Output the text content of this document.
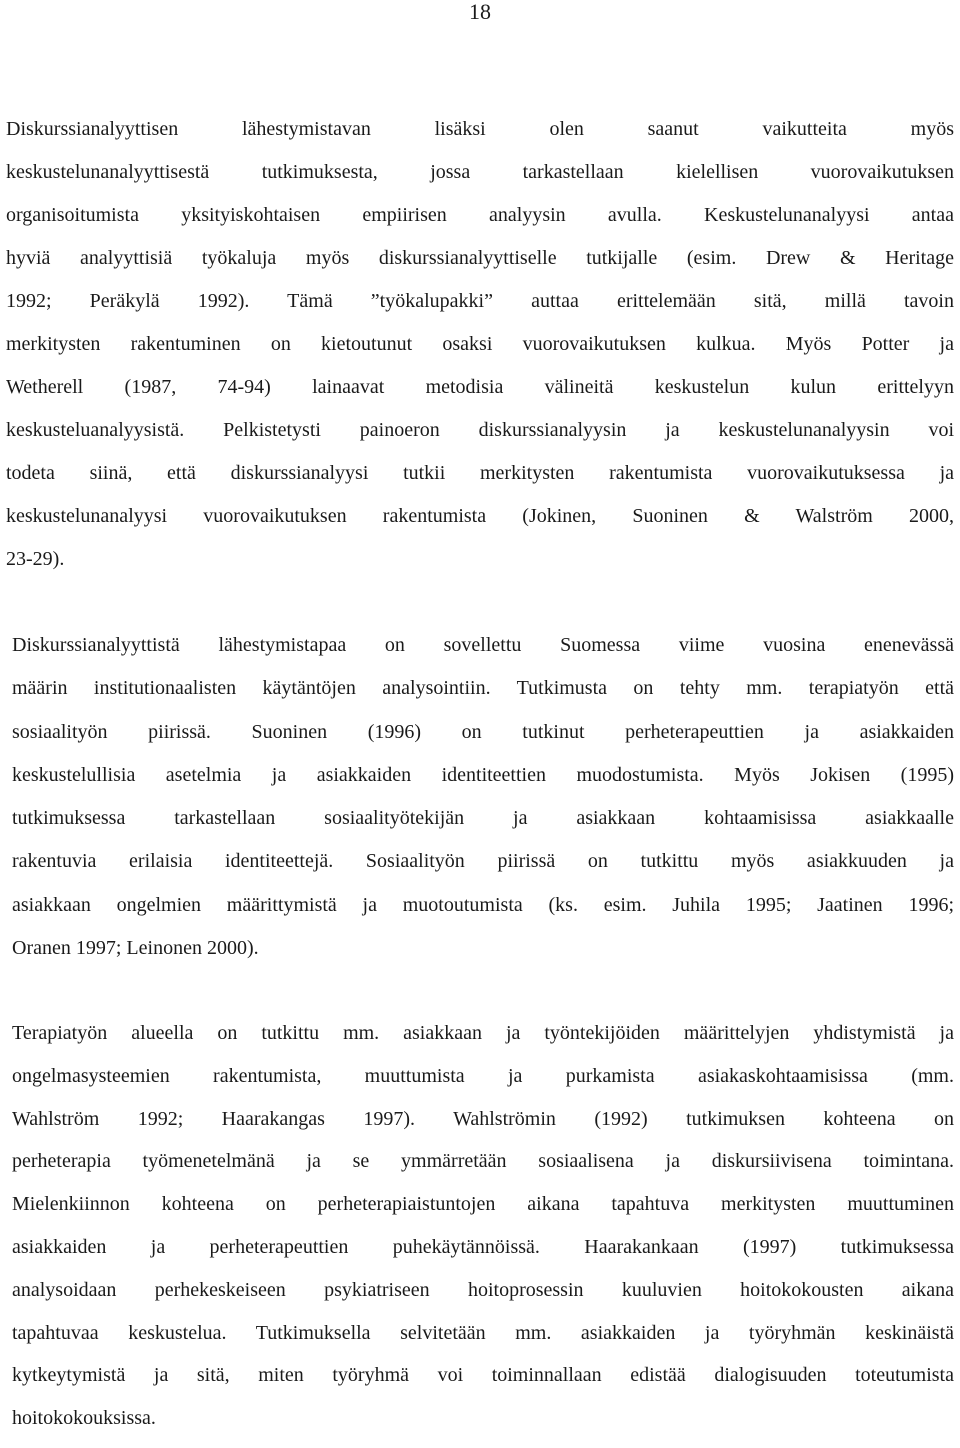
18
Diskurssianalyyttisen lähestymistavan lisäksi olen saanut vaikutteita myös
keskustelunanalyyttisestä tutkimuksesta, jossa tarkastellaan kielellisen vuorovaikutuksen
organisoitumista yksityiskohtaisen empiirisen analyysin avulla. Keskustelunanalyysi antaa
hyviä analyyttisiä työkaluja myös diskurssianalyyttiselle tutkijalle (esim. Drew & Heritage
1992; Peräkylä 1992). Tämä ”työkalupakki” auttaa erittelemään sitä, millä tavoin
merkitysten rakentuminen on kietoutunut osaksi vuorovaikutuksen kulkua. Myös Potter ja
Wetherell (1987, 74-94) lainaavat metodisia välineitä keskustelun kulun erittelyyn
keskusteluanalyysistä. Pelkistetysti painoeron diskurssianalyysin ja keskustelunanalyysin voi
todeta siinä, että diskurssianalyysi tutkii merkitysten rakentumista vuorovaikutuksessa ja
keskustelunanalyysi vuorovaikutuksen rakentumista (Jokinen, Suoninen & Walström 2000,
23-29).
Diskurssianalyyttistä lähestymistapaa on sovellettu Suomessa viime vuosina enenevässä
määrin institutionaalisten käytäntöjen analysointiin. Tutkimusta on tehty mm. terapiatyön että
sosiaalityön piirissä. Suoninen (1996) on tutkinut perheterapeuttien ja asiakkaiden
keskustelullisia asetelmia ja asiakkaiden identiteettien muodostumista. Myös Jokisen (1995)
tutkimuksessa tarkastellaan sosiaalityötekijän ja asiakkaan kohtaamisissa asiakkaalle
rakentuvia erilaisia identiteettejä. Sosiaalityön piirissä on tutkittu myös asiakkuuden ja
asiakkaan ongelmien määrittymistä ja muotoutumista (ks. esim. Juhila 1995; Jaatinen 1996;
Oranen 1997; Leinonen 2000).
Terapiatyön alueella on tutkittu mm. asiakkaan ja työntekijöiden määrittelyjen yhdistymistä ja
ongelmasysteemien rakentumista, muuttumista ja purkamista asiakaskohtaamisissa (mm.
Wahlström 1992; Haarakangas 1997). Wahlströmin (1992) tutkimuksen kohteena on
perheterapia työmenetelmänä ja se ymmärretään sosiaalisena ja diskursiivisena toimintana.
Mielenkiinnon kohteena on perheterapiaistuntojen aikana tapahtuva merkitysten muuttuminen
asiakkaiden ja perheterapeuttien puhekäytännöissä. Haarakankaan (1997) tutkimuksessa
analysoidaan perhekeskeiseen psykiatriseen hoitoprosessin kuuluvien hoitokokousten aikana
tapahtuvaa keskustelua. Tutkimuksella selvitetään mm. asiakkaiden ja työryhmän keskinäistä
kytkeytymistä ja sitä, miten työryhmä voi toiminnallaan edistää dialogisuuden toteutumista
hoitokokouksissa.
